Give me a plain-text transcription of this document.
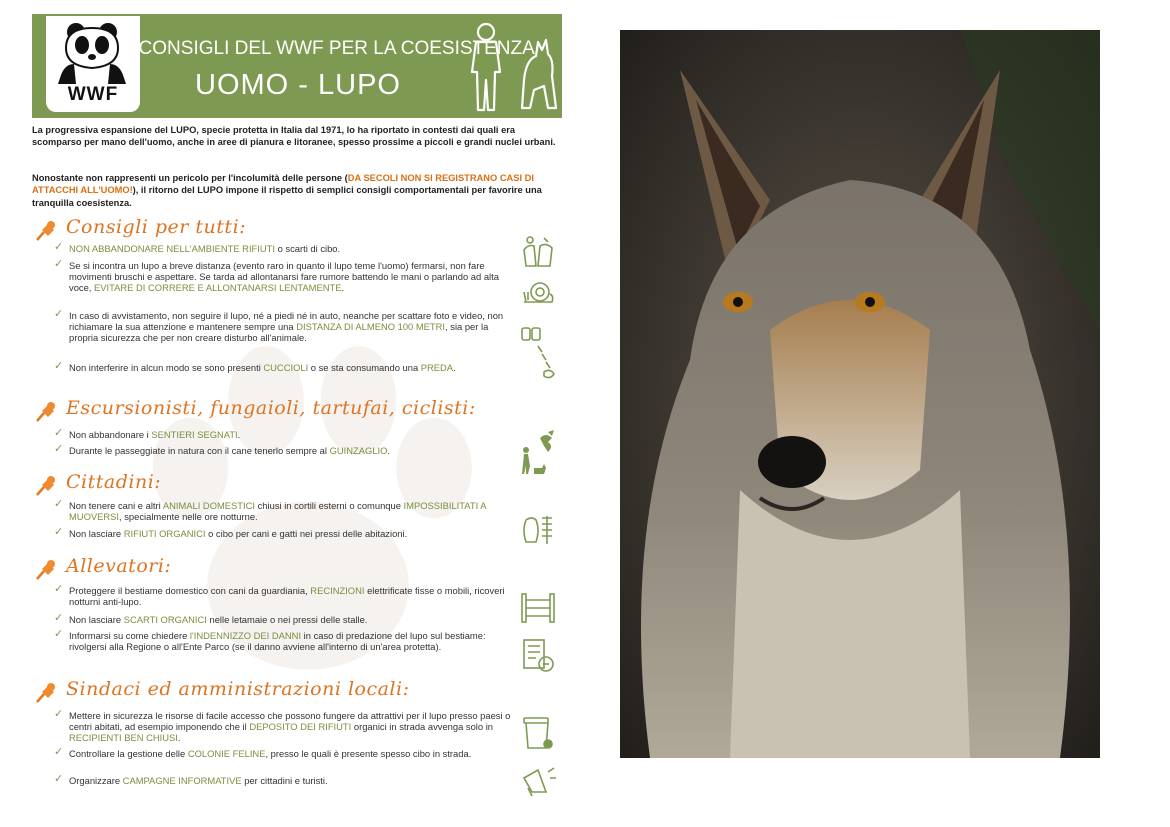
WWF
I CONSIGLI DEL WWF PER LA COESISTENZA
UOMO - LUPO

La progressiva espansione del LUPO, specie protetta in Italia dal 1971, lo ha riportato in contesti dai quali era scomparso per mano dell'uomo, anche in aree di pianura e litoranee, spesso prossime a piccoli e grandi nuclei urbani.

Nonostante non rappresenti un pericolo per l'incolumità delle persone (DA SECOLI NON SI REGISTRANO CASI DI ATTACCHI ALL'UOMO!), il ritorno del LUPO impone il rispetto di semplici consigli comportamentali per favorire una tranquilla coesistenza.

Consigli per tutti:
✓ NON ABBANDONARE NELL'AMBIENTE RIFIUTI o scarti di cibo.
✓ Se si incontra un lupo a breve distanza (evento raro in quanto il lupo teme l'uomo) fermarsi, non fare movimenti bruschi e aspettare. Se tarda ad allontanarsi fare rumore battendo le mani o parlando ad alta voce, EVITARE DI CORRERE E ALLONTANARSI LENTAMENTE.
✓ In caso di avvistamento, non seguire il lupo, né a piedi né in auto, neanche per scattare foto e video, non richiamare la sua attenzione e mantenere sempre una DISTANZA DI ALMENO 100 METRI, sia per la propria sicurezza che per non creare disturbo all'animale.
✓ Non interferire in alcun modo se sono presenti CUCCIOLI o se sta consumando una PREDA.
Escursionisti, fungaioli, tartufai, ciclisti:
✓ Non abbandonare i SENTIERI SEGNATI.
✓ Durante le passeggiate in natura con il cane tenerlo sempre al GUINZAGLIO.
Cittadini:
✓ Non tenere cani e altri ANIMALI DOMESTICI chiusi in cortili esterni o comunque IMPOSSIBILITATI A MUOVERSI, specialmente nelle ore notturne.
✓ Non lasciare RIFIUTI ORGANICI o cibo per cani e gatti nei pressi delle abitazioni.
Allevatori:
✓ Proteggere il bestiame domestico con cani da guardiania, RECINZIONI elettrificate fisse o mobili, ricoveri notturni anti-lupo.
✓ Non lasciare SCARTI ORGANICI nelle letamaie o nei pressi delle stalle.
✓ Informarsi su come chiedere l'INDENNIZZO DEI DANNI in caso di predazione del lupo sul bestiame: rivolgersi alla Regione o all'Ente Parco (se il danno avviene all'interno di un'area protetta).
Sindaci ed amministrazioni locali:
✓ Mettere in sicurezza le risorse di facile accesso che possono fungere da attrattivi per il lupo presso paesi o centri abitati, ad esempio imponendo che il DEPOSITO DEI RIFIUTI organici in strada avvenga solo in RECIPIENTI BEN CHIUSI.
✓ Controllare la gestione delle COLONIE FELINE, presso le quali è presente spesso cibo in strada.
✓ Organizzare CAMPAGNE INFORMATIVE per cittadini e turisti.
